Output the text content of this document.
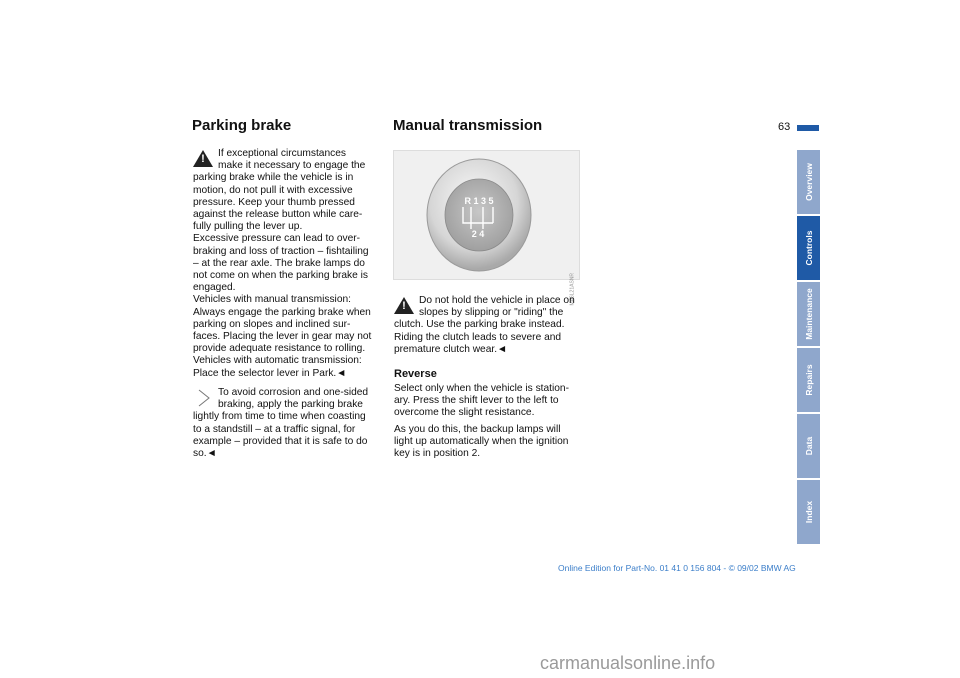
Parking brake	Manual transmission
!	If exceptional circumstances

make it necessary to engage the

parking brake while the vehicle is in

motion, do not pull it with excessive

pressure. Keep your thumb pressed

against the release button while care-

fully pulling the lever up.

Excessive pressure can lead to over-

braking and loss of traction – fishtailing

– at the rear axle. The brake lamps do

not come on when the parking brake is

engaged.

Vehicles with manual transmission:

Always engage the parking brake when

parking on slopes and inclined sur-

faces. Placing the lever in gear may not

provide adequate resistance to rolling.

Vehicles with automatic transmission:

Place the selector lever in Park.◄

To avoid corrosion and one-sided

braking, apply the parking brake

lightly from time to time when coasting

to a standstill – at a traffic signal, for

example – provided that it is safe to do

so.◄

R 1 3 5
2 4
MA6L21ASNR
!	Do not hold the vehicle in place on

slopes by slipping or "riding" the

clutch. Use the parking brake instead.

Riding the clutch leads to severe and

premature clutch wear.◄

Reverse

Select only when the vehicle is station-

ary. Press the shift lever to the left to

overcome the slight resistance.

As you do this, the backup lamps will

light up automatically when the ignition

key is in position 2.

63
Overview
Controls
Maintenance
Repairs
Data
Index
Online Edition for Part-No. 01 41 0 156 804 - © 09/02 BMW AG
carmanualsonline.info
